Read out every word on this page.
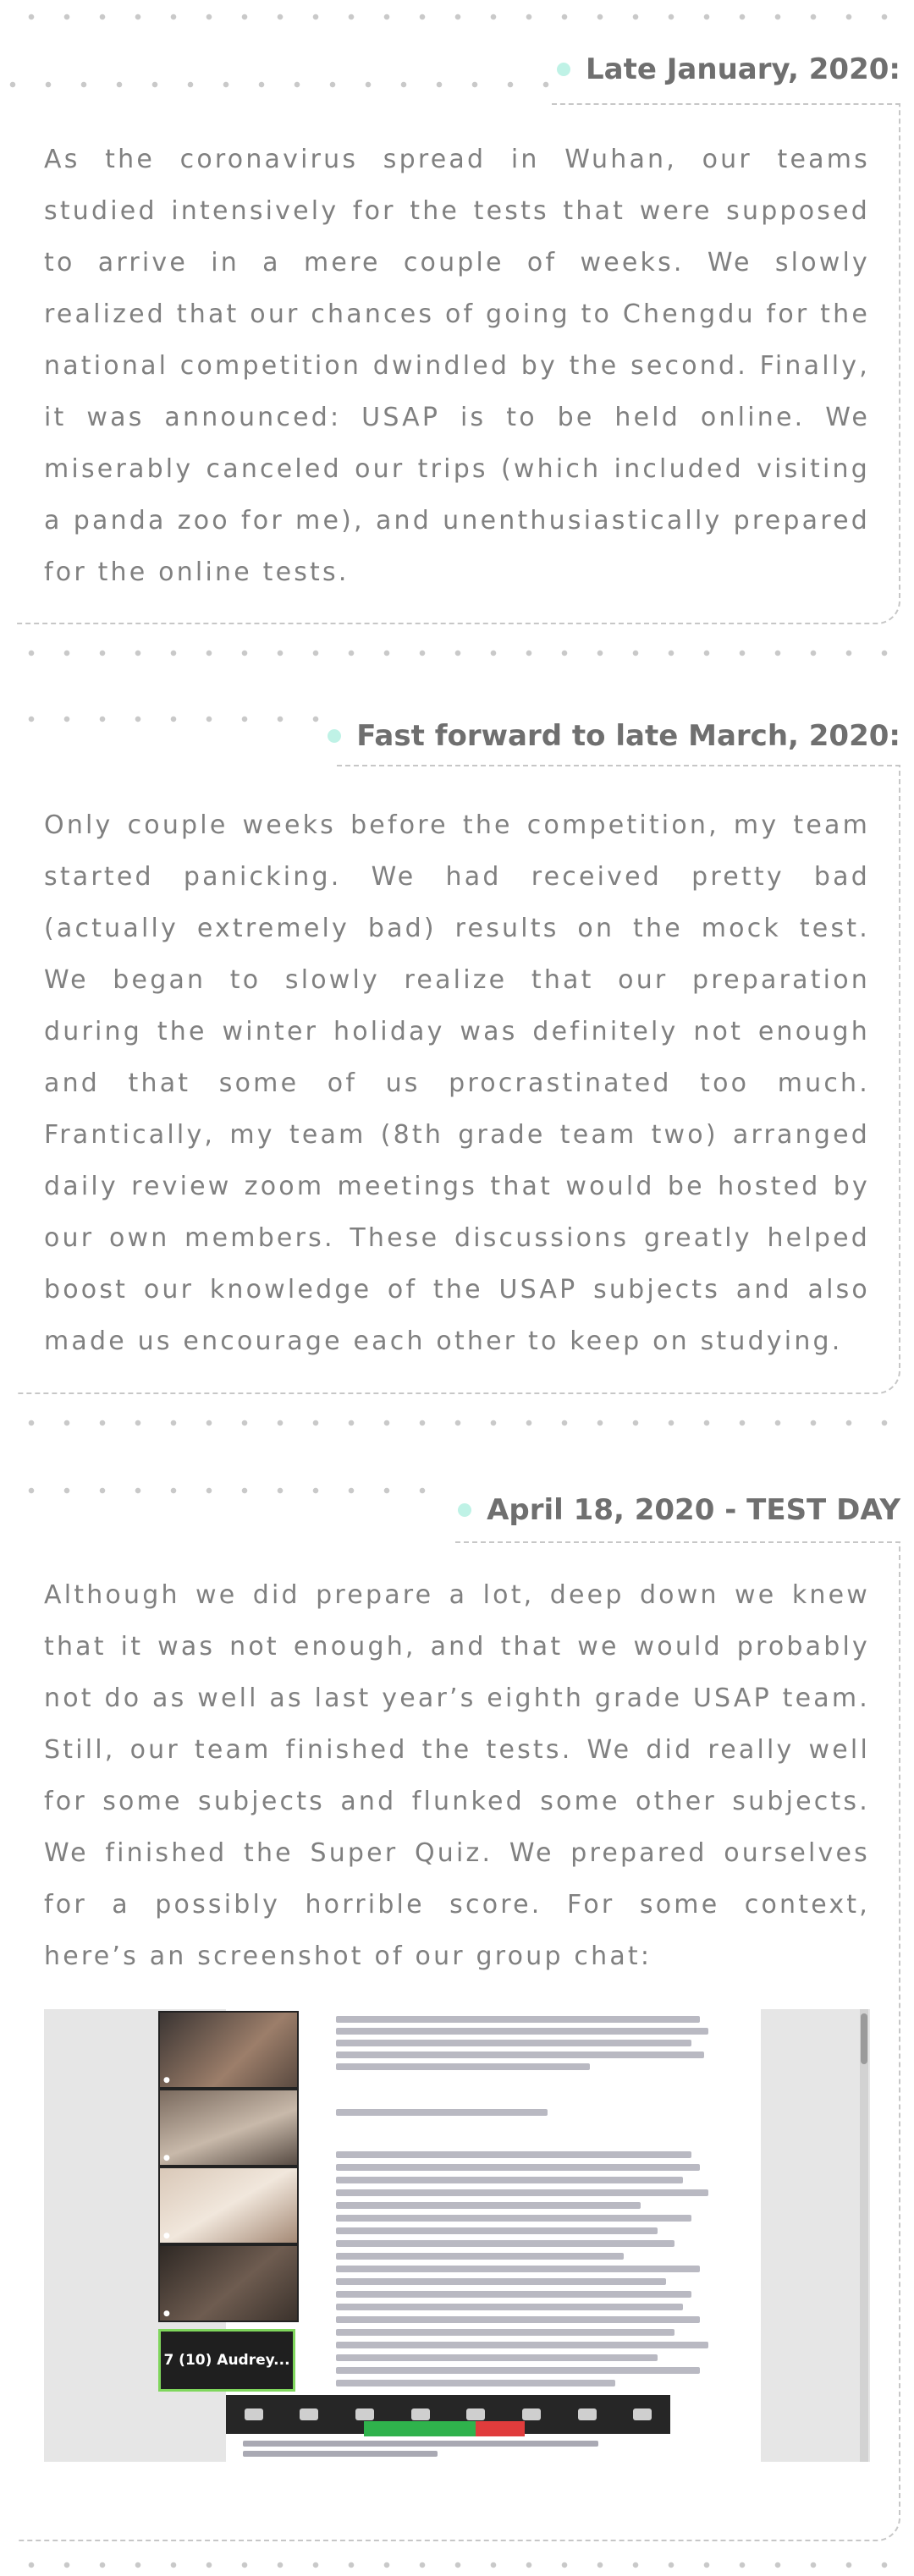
Late January, 2020:

As the coronavirus spread in Wuhan, our teams studied intensively for the tests that were supposed to arrive in a mere couple of weeks. We slowly realized that our chances of going to Chengdu for the national competition dwindled by the second. Finally, it was announced: USAP is to be held online. We miserably canceled our trips (which included visiting a panda zoo for me), and unenthusiastically prepared for the online tests.

Fast forward to late March, 2020:

Only couple weeks before the competition, my team started panicking. We had received pretty bad (actually extremely bad) results on the mock test. We began to slowly realize that our preparation during the winter holiday was definitely not enough and that some of us procrastinated too much. Frantically, my team (8th grade team two) arranged daily review zoom meetings that would be hosted by our own members. These discussions greatly helped boost our knowledge of the USAP subjects and also made us encourage each other to keep on studying.

April 18, 2020 - TEST DAY

Although we did prepare a lot, deep down we knew that it was not enough, and that we would probably not do as well as last year’s eighth grade USAP team. Still, our team finished the tests. We did really well for some subjects and flunked some other subjects. We finished the Super Quiz. We prepared ourselves for a possibly horrible score. For some context, here’s an screenshot of our group chat:

●
●
●
●
7 (10) Audrey...
